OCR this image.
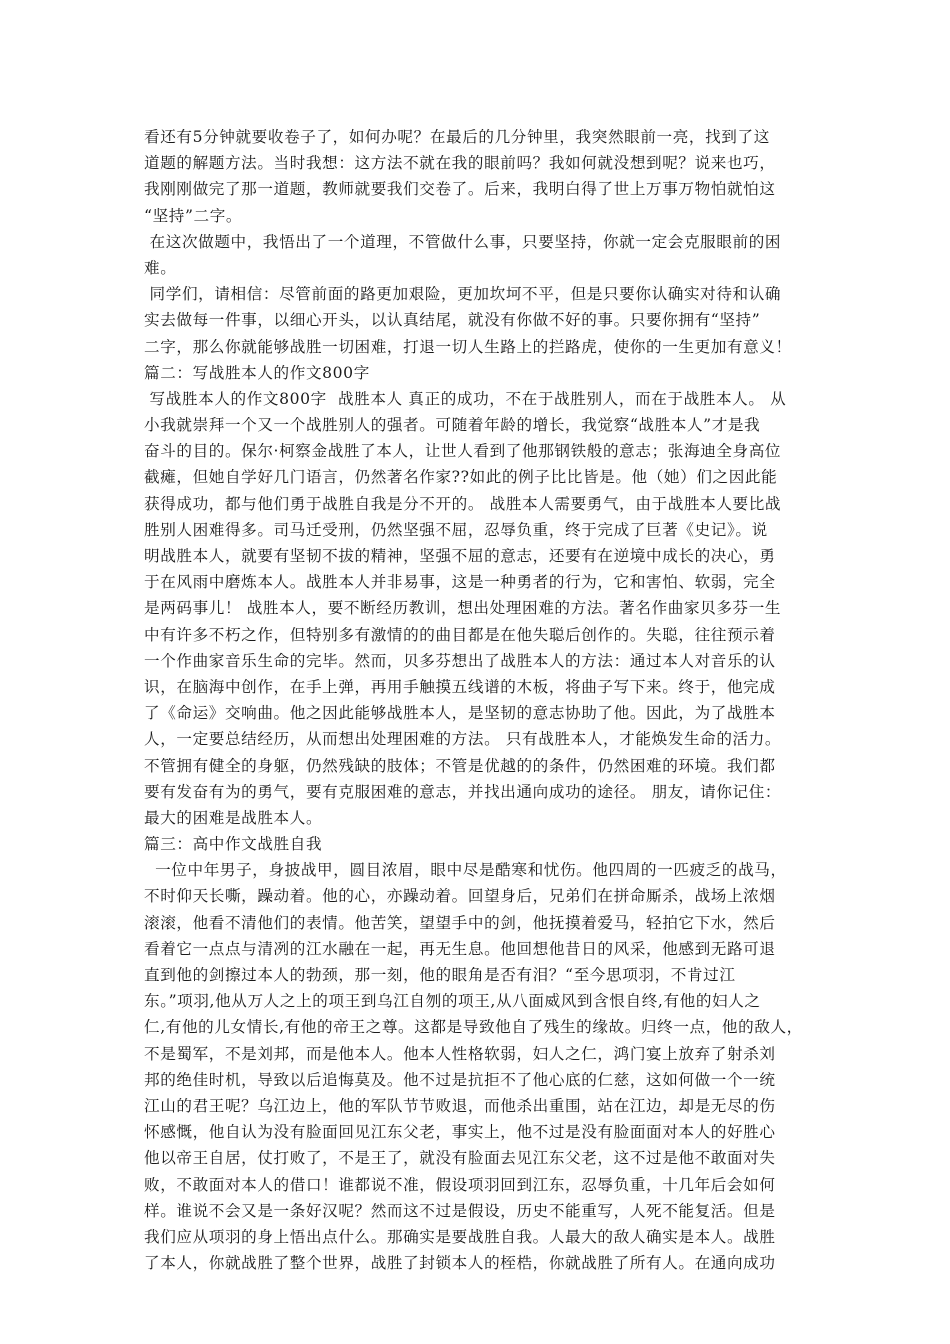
看还有5分钟就要收卷子了，如何办呢？在最后的几分钟里，我突然眼前一亮，找到了这
道题的解题方法。当时我想：这方法不就在我的眼前吗？我如何就没想到呢？说来也巧，
我刚刚做完了那一道题，教师就要我们交卷了。后来，我明白得了世上万事万物怕就怕这
“坚持”二字。
在这次做题中，我悟出了一个道理，不管做什么事，只要坚持，你就一定会克服眼前的困
难。
同学们，请相信：尽管前面的路更加艰险，更加坎坷不平，但是只要你认确实对待和认确
实去做每一件事，以细心开头，以认真结尾，就没有你做不好的事。只要你拥有“坚持”
二字，那么你就能够战胜一切困难，打退一切人生路上的拦路虎，使你的一生更加有意义！
篇二：写战胜本人的作文800字
写战胜本人的作文800字  战胜本人 真正的成功，不在于战胜别人，而在于战胜本人。 从
小我就崇拜一个又一个战胜别人的强者。可随着年龄的增长，我觉察“战胜本人”才是我
奋斗的目的。保尔·柯察金战胜了本人，让世人看到了他那钢铁般的意志；张海迪全身高位
截瘫，但她自学好几门语言，仍然著名作家??如此的例子比比皆是。他（她）们之因此能
获得成功，都与他们勇于战胜自我是分不开的。 战胜本人需要勇气，由于战胜本人要比战
胜别人困难得多。司马迁受刑，仍然坚强不屈，忍辱负重，终于完成了巨著《史记》。说
明战胜本人，就要有坚韧不拔的精神，坚强不屈的意志，还要有在逆境中成长的决心，勇
于在风雨中磨炼本人。战胜本人并非易事，这是一种勇者的行为，它和害怕、软弱，完全
是两码事儿！ 战胜本人，要不断经历教训，想出处理困难的方法。著名作曲家贝多芬一生
中有许多不朽之作，但特别多有激情的的曲目都是在他失聪后创作的。失聪，往往预示着
一个作曲家音乐生命的完毕。然而，贝多芬想出了战胜本人的方法：通过本人对音乐的认
识，在脑海中创作，在手上弹，再用手触摸五线谱的木板，将曲子写下来。终于，他完成
了《命运》交响曲。他之因此能够战胜本人，是坚韧的意志协助了他。因此，为了战胜本
人，一定要总结经历，从而想出处理困难的方法。 只有战胜本人，才能焕发生命的活力。
不管拥有健全的身躯，仍然残缺的肢体；不管是优越的的条件，仍然困难的环境。我们都
要有发奋有为的勇气，要有克服困难的意志，并找出通向成功的途径。 朋友，请你记住：
最大的困难是战胜本人。
篇三：高中作文战胜自我
一位中年男子，身披战甲，圆目浓眉，眼中尽是酷寒和忧伤。他四周的一匹疲乏的战马，
不时仰天长嘶，躁动着。他的心，亦躁动着。回望身后，兄弟们在拼命厮杀，战场上浓烟
滚滚，他看不清他们的表情。他苦笑，望望手中的剑，他抚摸着爱马，轻拍它下水，然后
看着它一点点与清冽的江水融在一起，再无生息。他回想他昔日的风采，他感到无路可退
直到他的剑擦过本人的勃颈，那一刻，他的眼角是否有泪？“至今思项羽，不肯过江
东。”项羽,他从万人之上的项王到乌江自刎的项王,从八面威风到含恨自终,有他的妇人之
仁,有他的儿女情长,有他的帝王之尊。这都是导致他自了残生的缘故。归终一点，他的敌人，
不是蜀军，不是刘邦，而是他本人。他本人性格软弱，妇人之仁，鸿门宴上放弃了射杀刘
邦的绝佳时机，导致以后追悔莫及。他不过是抗拒不了他心底的仁慈，这如何做一个一统
江山的君王呢？乌江边上，他的军队节节败退，而他杀出重围，站在江边，却是无尽的伤
怀感慨，他自认为没有脸面回见江东父老，事实上，他不过是没有脸面面对本人的好胜心
他以帝王自居，仗打败了，不是王了，就没有脸面去见江东父老，这不过是他不敢面对失
败，不敢面对本人的借口！谁都说不准，假设项羽回到江东，忍辱负重，十几年后会如何
样。谁说不会又是一条好汉呢？然而这不过是假设，历史不能重写，人死不能复活。但是
我们应从项羽的身上悟出点什么。那确实是要战胜自我。人最大的敌人确实是本人。战胜
了本人，你就战胜了整个世界，战胜了封锁本人的桎梏，你就战胜了所有人。在通向成功
